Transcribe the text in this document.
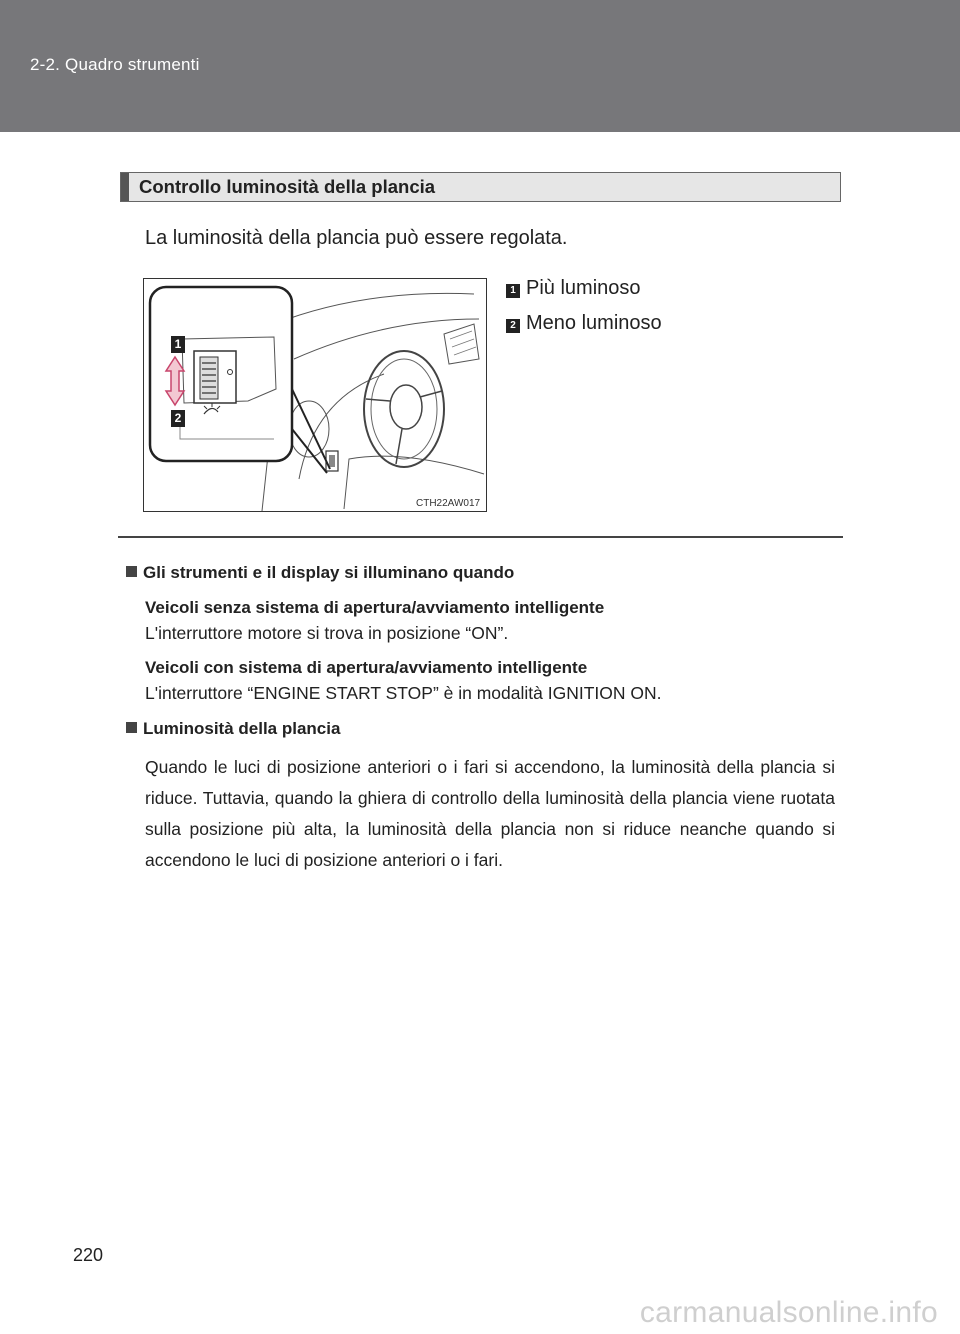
2-2. Quadro strumenti
Controllo luminosità della plancia
La luminosità della plancia può essere regolata.
1
2
CTH22AW017
1 Più luminoso
2 Meno luminoso
Gli strumenti e il display si illuminano quando
Veicoli senza sistema di apertura/avviamento intelligente
L'interruttore motore si trova in posizione “ON”.
Veicoli con sistema di apertura/avviamento intelligente
L'interruttore “ENGINE START STOP” è in modalità IGNITION ON.
Luminosità della plancia
Quando le luci di posizione anteriori o i fari si accendono, la luminosità della plancia si riduce. Tuttavia, quando la ghiera di controllo della luminosità della plancia viene ruotata sulla posizione più alta, la luminosità della plancia non si riduce neanche quando si accendono le luci di posizione anteriori o i fari.
220
carmanualsonline.info
